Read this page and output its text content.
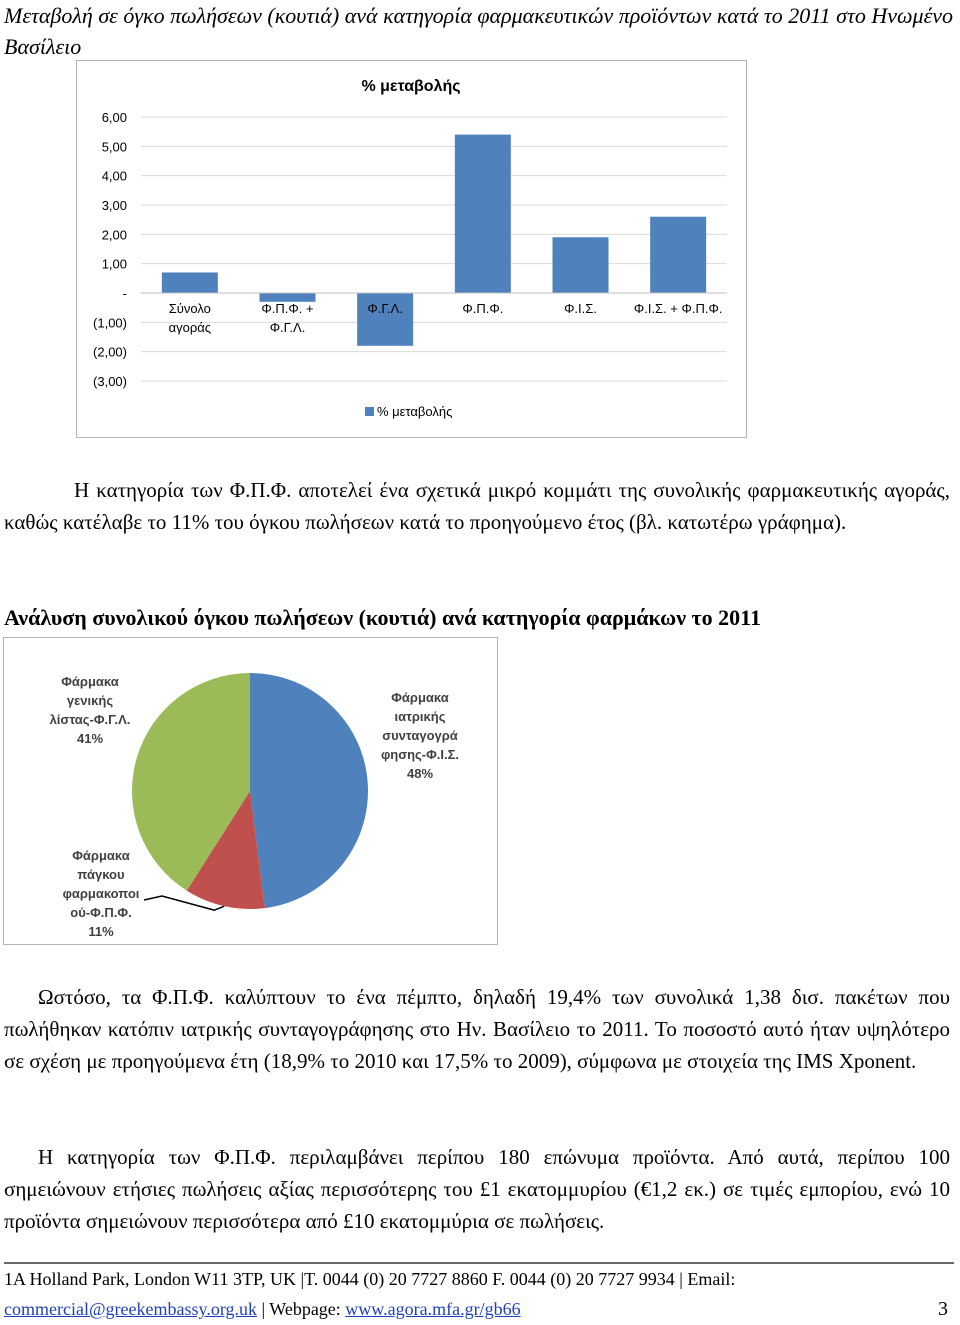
Μεταβολή σε όγκο πωλήσεων (κουτιά) ανά κατηγορία φαρμακευτικών προϊόντων κατά το 2011 στο Ηνωμένο Βασίλειο
% μεταβολής
(3,00)
(2,00)
(1,00)
-
1,00
2,00
3,00
4,00
5,00
6,00
Σύνολο αγοράς
Φ.Π.Φ. + Φ.Γ.Λ.
Φ.Γ.Λ.	Φ.Π.Φ.	Φ.Ι.Σ.	Φ.Ι.Σ. + Φ.Π.Φ.
% μεταβολής
Η κατηγορία των Φ.Π.Φ. αποτελεί ένα σχετικά μικρό κομμάτι της συνολικής φαρμακευτικής αγοράς, καθώς κατέλαβε το 11% του όγκου πωλήσεων κατά το προηγούμενο έτος (βλ. κατωτέρω γράφημα).
Ανάλυση συνολικού όγκου πωλήσεων (κουτιά) ανά κατηγορία φαρμάκων το 2011
Φάρμακα ιατρικής συνταγογρά φησης-Φ.Ι.Σ. 48%
Φάρμακα πάγκου φαρμακοποι ού-Φ.Π.Φ. 11%
Φάρμακα γενικής λίστας-Φ.Γ.Λ. 41%
Ωστόσο, τα Φ.Π.Φ. καλύπτουν το ένα πέμπτο, δηλαδή 19,4% των συνολικά 1,38 δισ. πακέτων που πωλήθηκαν κατόπιν ιατρικής συνταγογράφησης στο Ην. Βασίλειο το 2011. Το ποσοστό αυτό ήταν υψηλότερο σε σχέση με προηγούμενα έτη (18,9% το 2010 και 17,5% το 2009), σύμφωνα με στοιχεία της IMS Xponent.
Η κατηγορία των Φ.Π.Φ. περιλαμβάνει περίπου 180 επώνυμα προϊόντα. Από αυτά, περίπου 100 σημειώνουν ετήσιες πωλήσεις αξίας περισσότερης του £1 εκατομμυρίου (€1,2 εκ.) σε τιμές εμπορίου, ενώ 10 προϊόντα σημειώνουν περισσότερα από £10 εκατομμύρια σε πωλήσεις.
1A Holland Park, London W11 3TP, UK |T. 0044 (0) 20 7727 8860 F. 0044 (0) 20 7727 9934 | Email:
commercial@greekembassy.org.uk | Webpage: www.agora.mfa.gr/gb66	3
